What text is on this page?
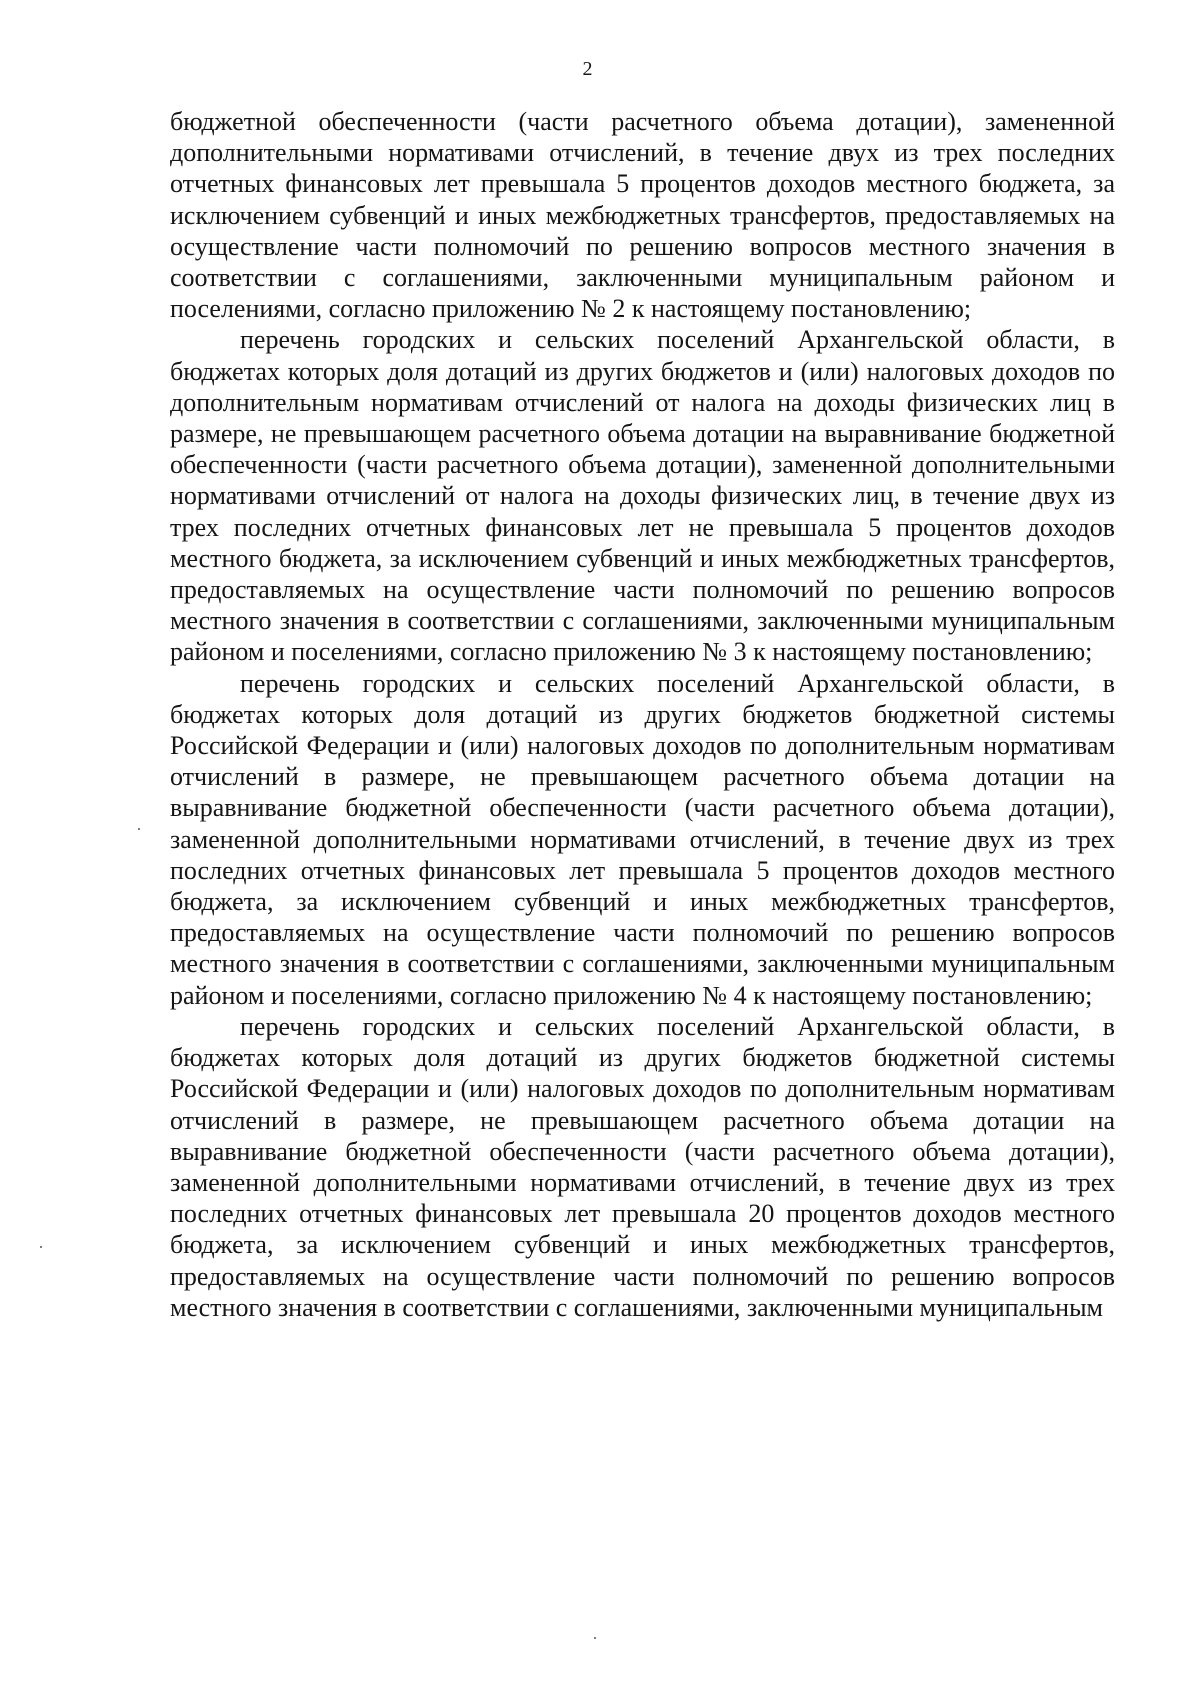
2

бюджетной обеспеченности (части расчетного объема дотации), замененной дополнительными нормативами отчислений, в течение двух из трех последних отчетных финансовых лет превышала 5 процентов доходов местного бюджета, за исключением субвенций и иных межбюджетных трансфертов, предоставляемых на осуществление части полномочий по решению вопросов местного значения в соответствии с соглашениями, заключенными муниципальным районом и поселениями, согласно приложению № 2 к настоящему постановлению;

перечень городских и сельских поселений Архангельской области, в бюджетах которых доля дотаций из других бюджетов и (или) налоговых доходов по дополнительным нормативам отчислений от налога на доходы физических лиц в размере, не превышающем расчетного объема дотации на выравнивание бюджетной обеспеченности (части расчетного объема дотации), замененной дополнительными нормативами отчислений от налога на доходы физических лиц, в течение двух из трех последних отчетных финансовых лет не превышала 5 процентов доходов местного бюджета, за исключением субвенций и иных межбюджетных трансфертов, предоставляемых на осуществление части полномочий по решению вопросов местного значения в соответствии с соглашениями, заключенными муниципальным районом и поселениями, согласно приложению № 3 к настоящему постановлению;

перечень городских и сельских поселений Архангельской области, в бюджетах которых доля дотаций из других бюджетов бюджетной системы Российской Федерации и (или) налоговых доходов по дополнительным нормативам отчислений в размере, не превышающем расчетного объема дотации на выравнивание бюджетной обеспеченности (части расчетного объема дотации), замененной дополнительными нормативами отчислений, в течение двух из трех последних отчетных финансовых лет превышала 5 процентов доходов местного бюджета, за исключением субвенций и иных межбюджетных трансфертов, предоставляемых на осуществление части полномочий по решению вопросов местного значения в соответствии с соглашениями, заключенными муниципальным районом и поселениями, согласно приложению № 4 к настоящему постановлению;

перечень городских и сельских поселений Архангельской области, в бюджетах которых доля дотаций из других бюджетов бюджетной системы Российской Федерации и (или) налоговых доходов по дополнительным нормативам отчислений в размере, не превышающем расчетного объема дотации на выравнивание бюджетной обеспеченности (части расчетного объема дотации), замененной дополнительными нормативами отчислений, в течение двух из трех последних отчетных финансовых лет превышала 20 процентов доходов местного бюджета, за исключением субвенций и иных межбюджетных трансфертов, предоставляемых на осуществление части полномочий по решению вопросов местного значения в соответствии с соглашениями, заключенными муниципальным
